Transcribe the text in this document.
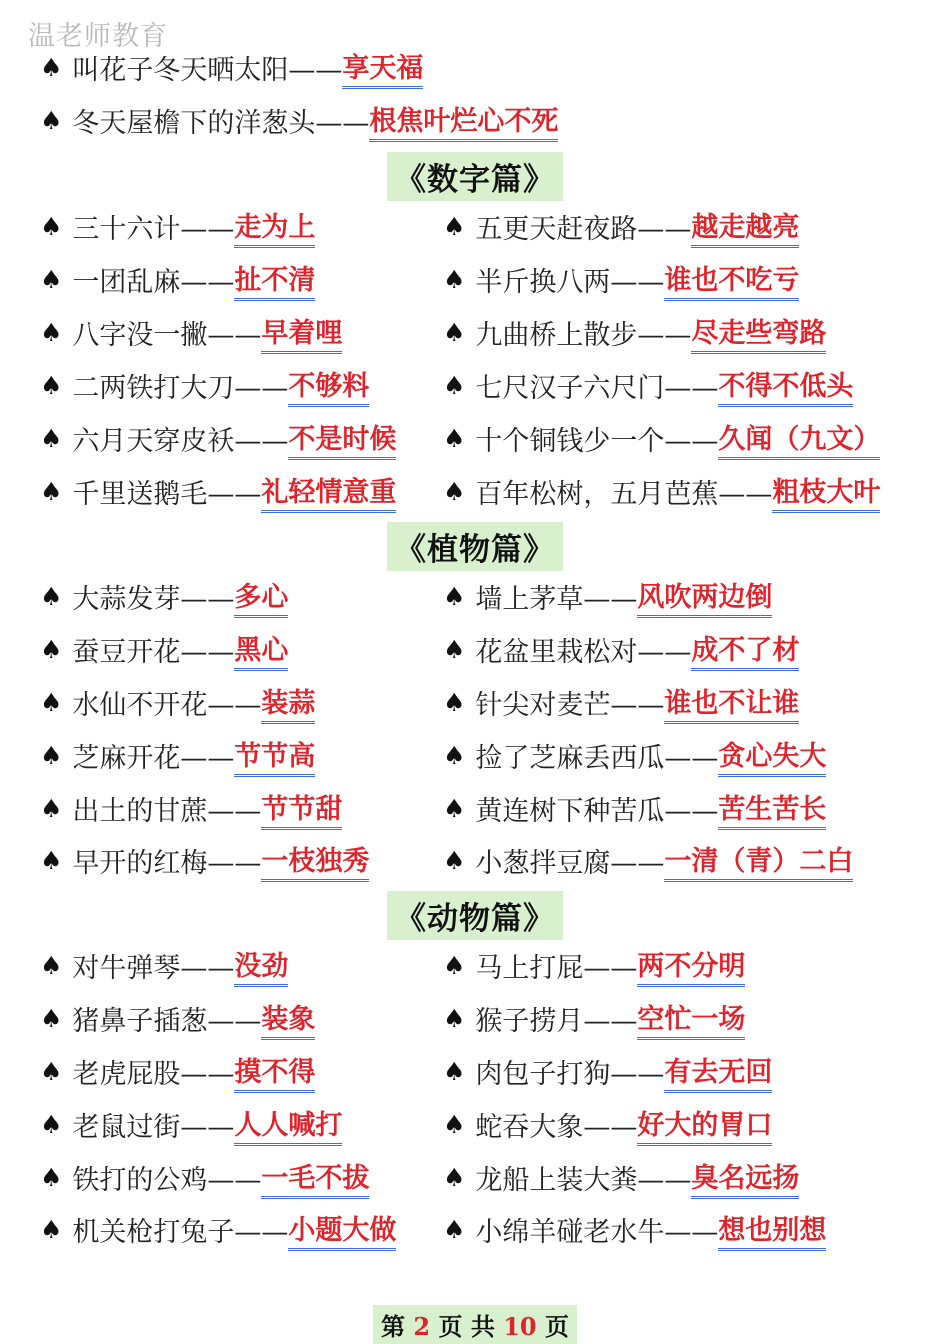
温老师教育
♠ 叫花子冬天晒太阳—— 享天福
♠ 冬天屋檐下的洋葱头—— 根焦叶烂心不死
《数字篇》
♠ 三十六计—— 走为上
♠ 一团乱麻—— 扯不清
♠ 八字没一撇—— 早着哩
♠ 二两铁打大刀—— 不够料
♠ 六月天穿皮袄—— 不是时候
♠ 千里送鹅毛—— 礼轻情意重
♠ 五更天赶夜路—— 越走越亮
♠ 半斤换八两—— 谁也不吃亏
♠ 九曲桥上散步—— 尽走些弯路
♠ 七尺汉子六尺门—— 不得不低头
♠ 十个铜钱少一个—— 久闻（九文）
♠ 百年松树，五月芭蕉—— 粗枝大叶
《植物篇》
♠ 大蒜发芽—— 多心
♠ 蚕豆开花—— 黑心
♠ 水仙不开花—— 装蒜
♠ 芝麻开花—— 节节高
♠ 出土的甘蔗—— 节节甜
♠ 早开的红梅—— 一枝独秀
♠ 墙上茅草—— 风吹两边倒
♠ 花盆里栽松对—— 成不了材
♠ 针尖对麦芒—— 谁也不让谁
♠ 捡了芝麻丢西瓜—— 贪心失大
♠ 黄连树下种苦瓜—— 苦生苦长
♠ 小葱拌豆腐—— 一清（青）二白
《动物篇》
♠ 对牛弹琴—— 没劲
♠ 猪鼻子插葱—— 装象
♠ 老虎屁股—— 摸不得
♠ 老鼠过街—— 人人喊打
♠ 铁打的公鸡—— 一毛不拔
♠ 机关枪打兔子—— 小题大做
♠ 马上打屁—— 两不分明
♠ 猴子捞月—— 空忙一场
♠ 肉包子打狗—— 有去无回
♠ 蛇吞大象—— 好大的胃口
♠ 龙船上装大粪—— 臭名远扬
♠ 小绵羊碰老水牛—— 想也别想
第 2 页 共 10 页
